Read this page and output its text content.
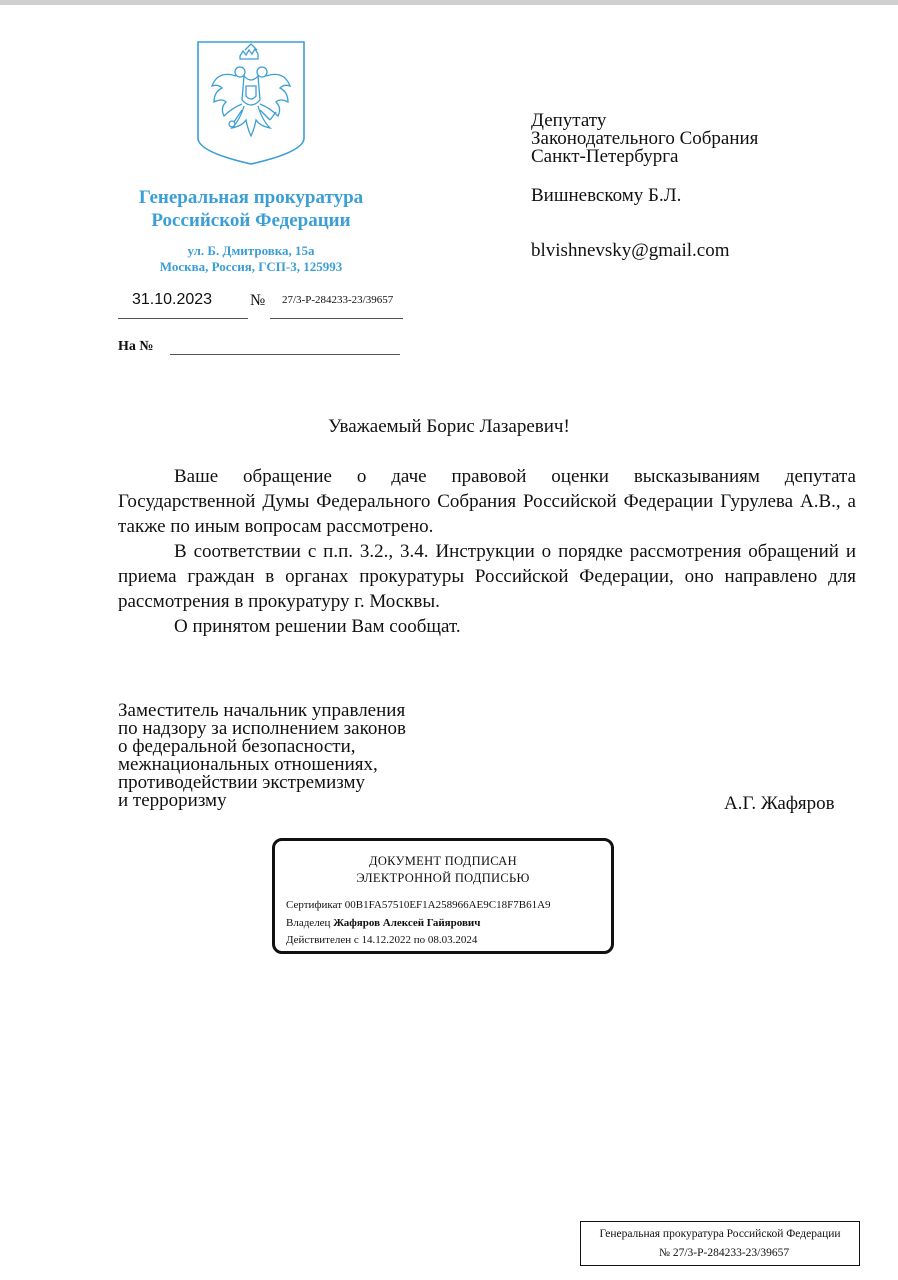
Генеральная прокуратура
Российской Федерации
ул. Б. Дмитровка, 15а
Москва, Россия, ГСП-3, 125993
31.10.2023 № 27/3-Р-284233-23/39657
На №
Депутату
Законодательного Собрания
Санкт-Петербурга
Вишневскому Б.Л.
blvishnevsky@gmail.com
Уважаемый Борис Лазаревич!

Ваше обращение о даче правовой оценки высказываниям депутата Государственной Думы Федерального Собрания Российской Федерации Гурулева А.В., а также по иным вопросам рассмотрено.

В соответствии с п.п. 3.2., 3.4. Инструкции о порядке рассмотрения обращений и приема граждан в органах прокуратуры Российской Федерации, оно направлено для рассмотрения в прокуратуру г. Москвы.

О принятом решении Вам сообщат.

Заместитель начальник управления
по надзору за исполнением законов
о федеральной безопасности,
межнациональных отношениях,
противодействии экстремизму
и терроризму	А.Г. Жафяров
ДОКУМЕНТ ПОДПИСАН
ЭЛЕКТРОННОЙ ПОДПИСЬЮ
Сертификат 00B1FA57510EF1A258966AE9C18F7B61A9
Владелец Жафяров Алексей Гайярович
Действителен с 14.12.2022 по 08.03.2024
Генеральная прокуратура Российской Федерации
№ 27/3-Р-284233-23/39657
